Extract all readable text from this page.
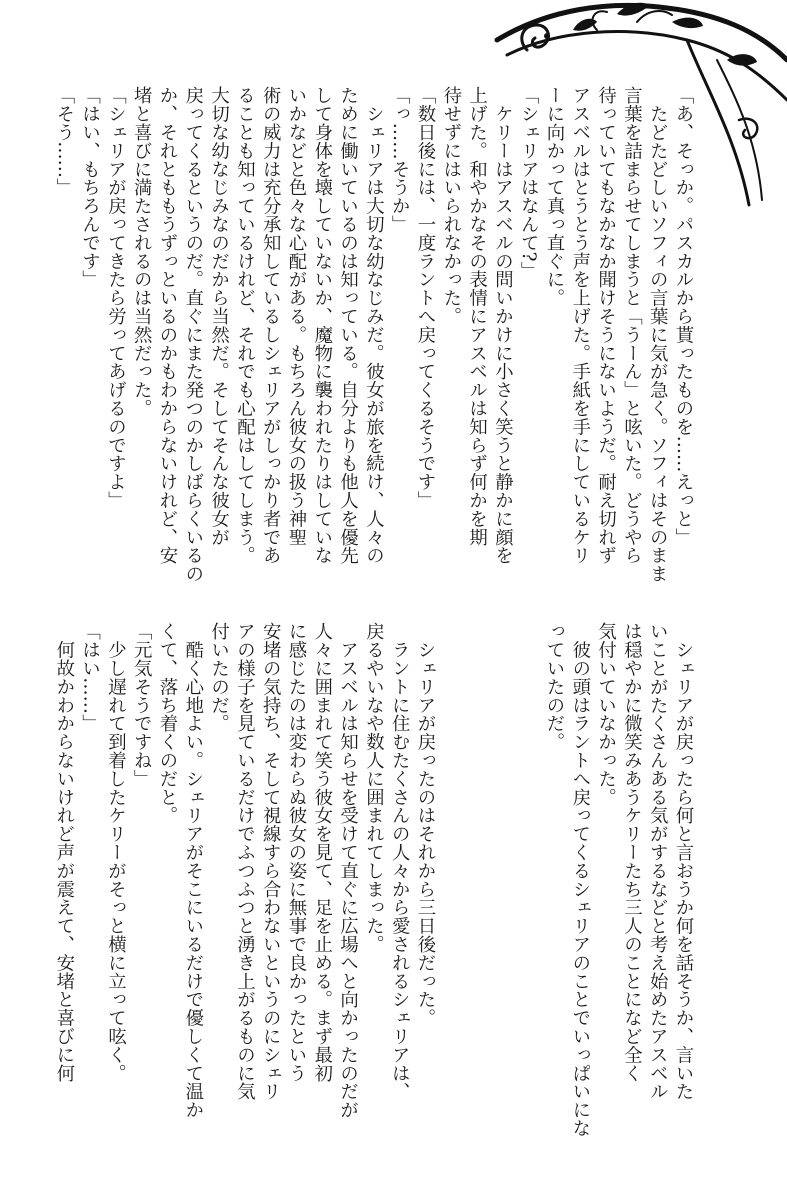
「あ、そっか。パスカルから貰ったものを……えっと」
　たどたどしいソフィの言葉に気が急く。ソフィはそのまま
言葉を詰まらせてしまうと「うーん」と呟いた。どうやら
待っていてもなかなか聞けそうにないようだ。耐え切れず
アスベルはとうとう声を上げた。手紙を手にしているケリ
ーに向かって真っ直ぐに。
「シェリアはなんて?」
　ケリーはアスベルの問いかけに小さく笑うと静かに顔を
上げた。和やかなその表情にアスベルは知らず何かを期
待せずにはいられなかった。
「数日後には、一度ラントへ戻ってくるそうです」
「っ……そうか」
　シェリアは大切な幼なじみだ。彼女が旅を続け、人々の
ために働いているのは知っている。自分よりも他人を優先
して身体を壊していないか、魔物に襲われたりはしていな
いかなどと色々な心配がある。もちろん彼女の扱う神聖
術の威力は充分承知しているしシェリアがしっかり者であ
ることも知っているけれど、それでも心配はしてしまう。
大切な幼なじみなのだから当然だ。そしてそんな彼女が
戻ってくるというのだ。直ぐにまた発つのかしばらくいるの
か、それとももうずっといるのかもわからないけれど、安
堵と喜びに満たされるのは当然だった。
「シェリアが戻ってきたら労ってあげるのですよ」
「はい、もちろんです」
「そう……」
　シェリアが戻ったら何と言おうか何を話そうか、言いた
いことがたくさんある気がするなどと考え始めたアスベル
は穏やかに微笑みあうケリーたち三人のことになど全く
気付いていなかった。
　彼の頭はラントへ戻ってくるシェリアのことでいっぱいにな
っていたのだ。
　シェリアが戻ったのはそれから三日後だった。
　ラントに住むたくさんの人々から愛されるシェリアは、
戻るやいなや数人に囲まれてしまった。
　アスベルは知らせを受けて直ぐに広場へと向かったのだが
人々に囲まれて笑う彼女を見て、足を止める。まず最初
に感じたのは変わらぬ彼女の姿に無事で良かったという
安堵の気持ち、そして視線すら合わないというのにシェリ
アの様子を見ているだけでふつふつと湧き上がるものに気
付いたのだ。
　酷く心地よい。シェリアがそこにいるだけで優しくて温か
くて、落ち着くのだと。
「元気そうですね」
　少し遅れて到着したケリーがそっと横に立って呟く。
「はい……」
　何故かわからないけれど声が震えて、安堵と喜びに何
